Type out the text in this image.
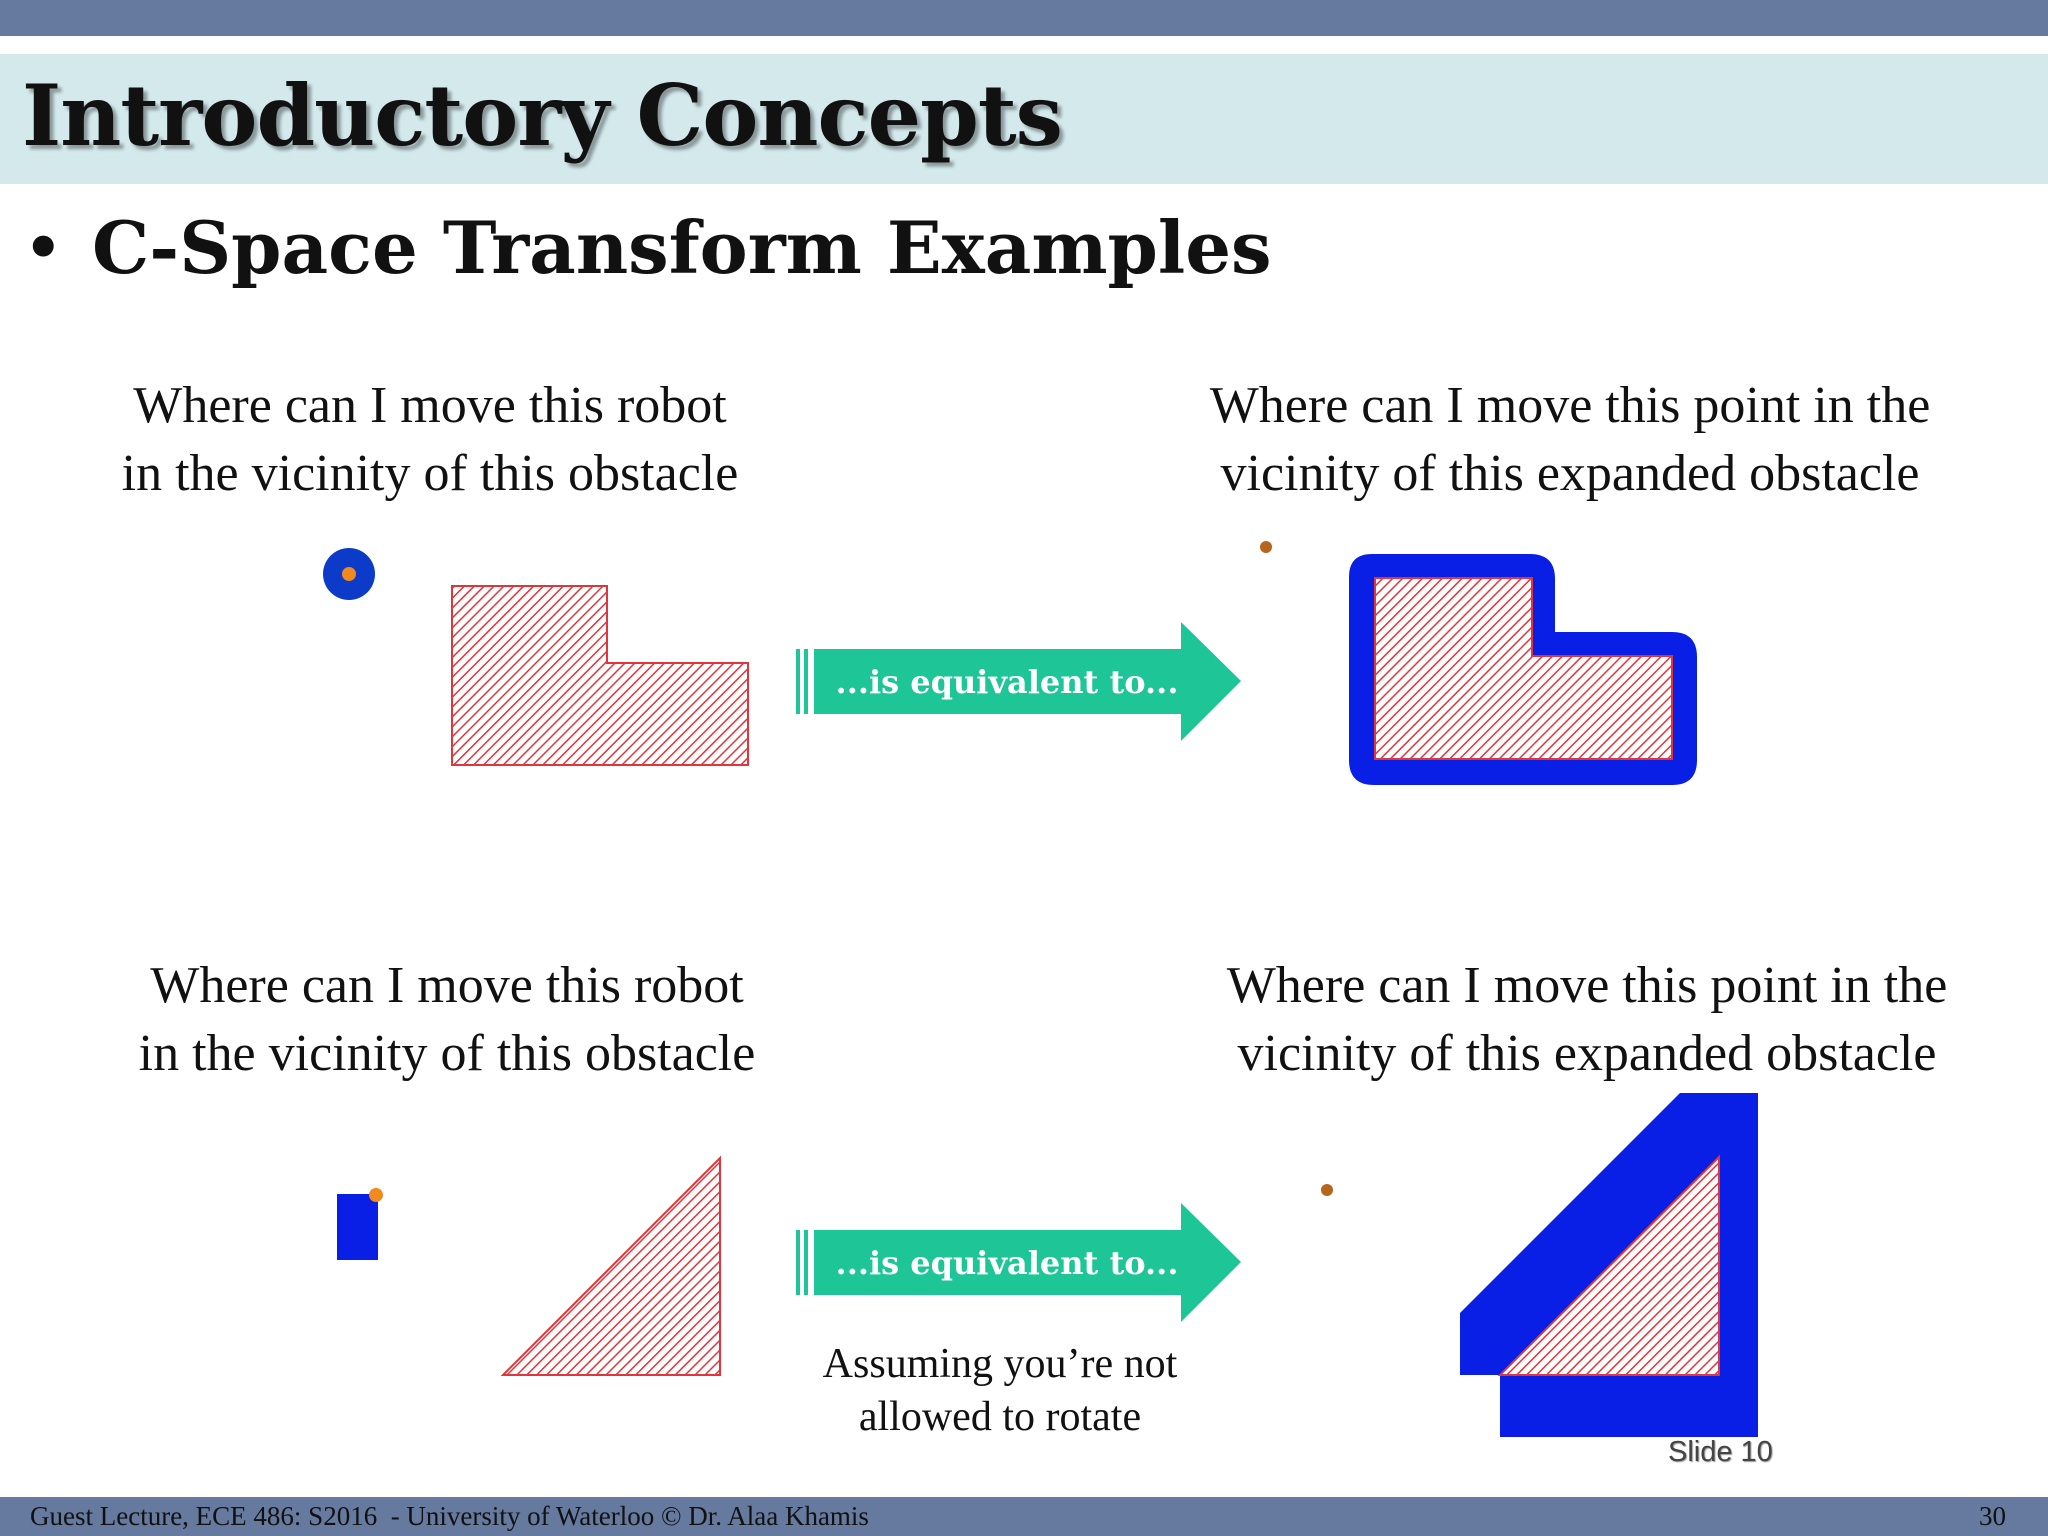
Introductory Concepts
• C-Space Transform Examples
Where can I move this robot
in the vicinity of this obstacle
Where can I move this point in the
vicinity of this expanded obstacle
Where can I move this robot
in the vicinity of this obstacle
Where can I move this point in the
vicinity of this expanded obstacle
...is equivalent to...
...is equivalent to...
Assuming you’re not
allowed to rotate
Slide 10
Guest Lecture, ECE 486: S2016  - University of Waterloo © Dr. Alaa Khamis	30
